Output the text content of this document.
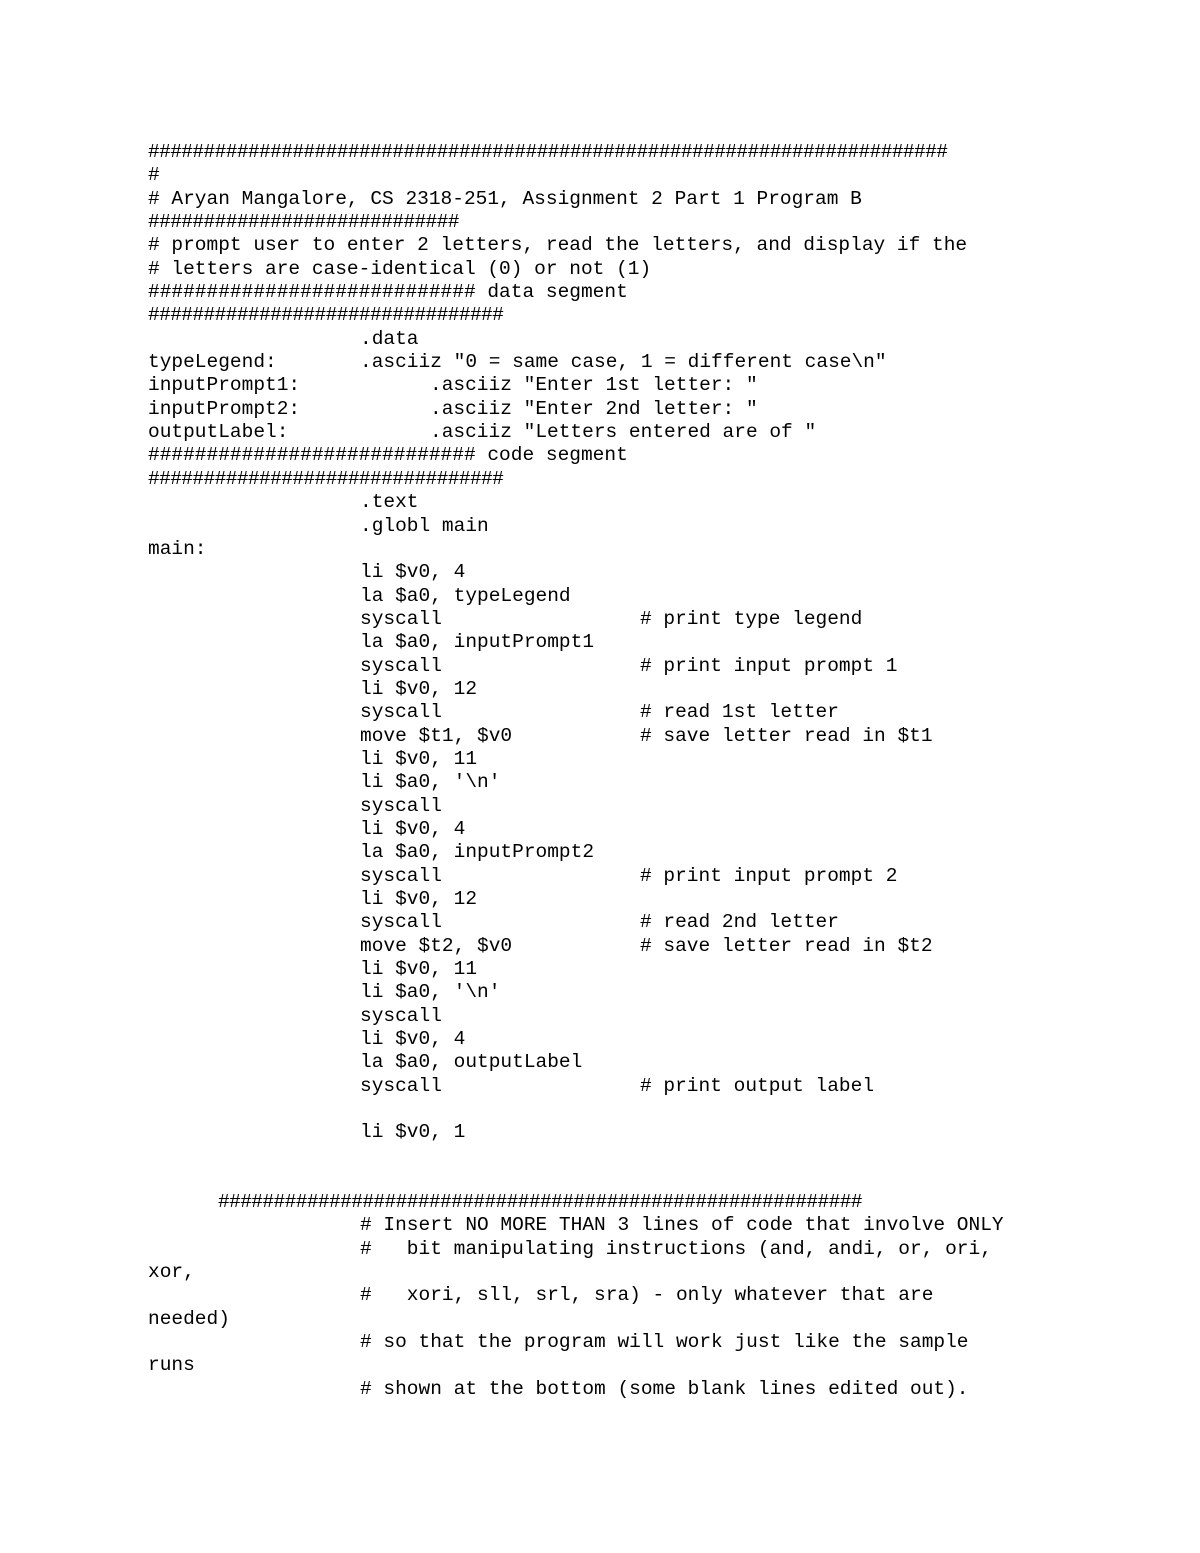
########################################################################
#
# Aryan Mangalore, CS 2318-251, Assignment 2 Part 1 Program B
############################
# prompt user to enter 2 letters, read the letters, and display if the
# letters are case-identical (0) or not (1)
############################ data segment
################################
.data
typeLegend:	.asciiz "0 = same case, 1 = different case\n"
inputPrompt1:	.asciiz "Enter 1st letter: "
inputPrompt2:	.asciiz "Enter 2nd letter: "
outputLabel:	.asciiz "Letters entered are of "
############################ code segment
################################
.text
.globl main
main:
li $v0, 4
la $a0, typeLegend
syscall	# print type legend
la $a0, inputPrompt1
syscall	# print input prompt 1
li $v0, 12
syscall	# read 1st letter
move $t1, $v0	# save letter read in $t1
li $v0, 11
li $a0, '\n'
syscall
li $v0, 4
la $a0, inputPrompt2
syscall	# print input prompt 2
li $v0, 12
syscall	# read 2nd letter
move $t2, $v0	# save letter read in $t2
li $v0, 11
li $a0, '\n'
syscall
li $v0, 4
la $a0, outputLabel
syscall	# print output label
li $v0, 1
##########################################################
# Insert NO MORE THAN 3 lines of code that involve ONLY
#   bit manipulating instructions (and, andi, or, ori,
xor,
#   xori, sll, srl, sra) - only whatever that are
needed)
# so that the program will work just like the sample
runs
# shown at the bottom (some blank lines edited out).
